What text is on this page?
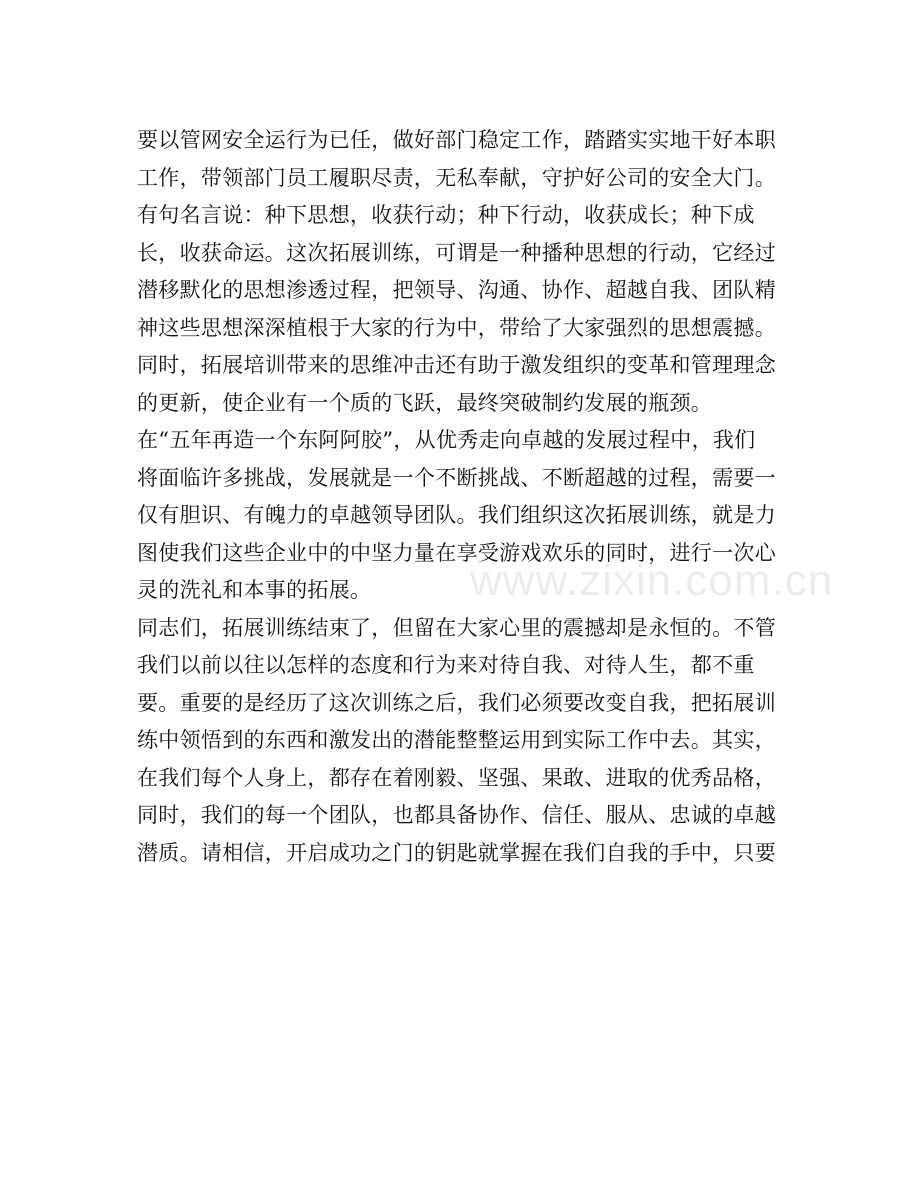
www.zixin.com.cn
要以管网安全运行为已任，做好部门稳定工作，踏踏实实地干好本职
工作，带领部门员工履职尽责，无私奉献，守护好公司的安全大门。
有句名言说：种下思想，收获行动；种下行动，收获成长；种下成
长，收获命运。这次拓展训练，可谓是一种播种思想的行动，它经过
潜移默化的思想渗透过程，把领导、沟通、协作、超越自我、团队精
神这些思想深深植根于大家的行为中，带给了大家强烈的思想震撼。
同时，拓展培训带来的思维冲击还有助于激发组织的变革和管理理念
的更新，使企业有一个质的飞跃，最终突破制约发展的瓶颈。
在“五年再造一个东阿阿胶”，从优秀走向卓越的发展过程中，我们
将面临许多挑战，发展就是一个不断挑战、不断超越的过程，需要一
仅有胆识、有魄力的卓越领导团队。我们组织这次拓展训练，就是力
图使我们这些企业中的中坚力量在享受游戏欢乐的同时，进行一次心
灵的洗礼和本事的拓展。
同志们，拓展训练结束了，但留在大家心里的震撼却是永恒的。不管
我们以前以往以怎样的态度和行为来对待自我、对待人生，都不重
要。重要的是经历了这次训练之后，我们必须要改变自我，把拓展训
练中领悟到的东西和激发出的潜能整整运用到实际工作中去。其实，
在我们每个人身上，都存在着刚毅、坚强、果敢、进取的优秀品格，
同时，我们的每一个团队，也都具备协作、信任、服从、忠诚的卓越
潜质。请相信，开启成功之门的钥匙就掌握在我们自我的手中，只要
